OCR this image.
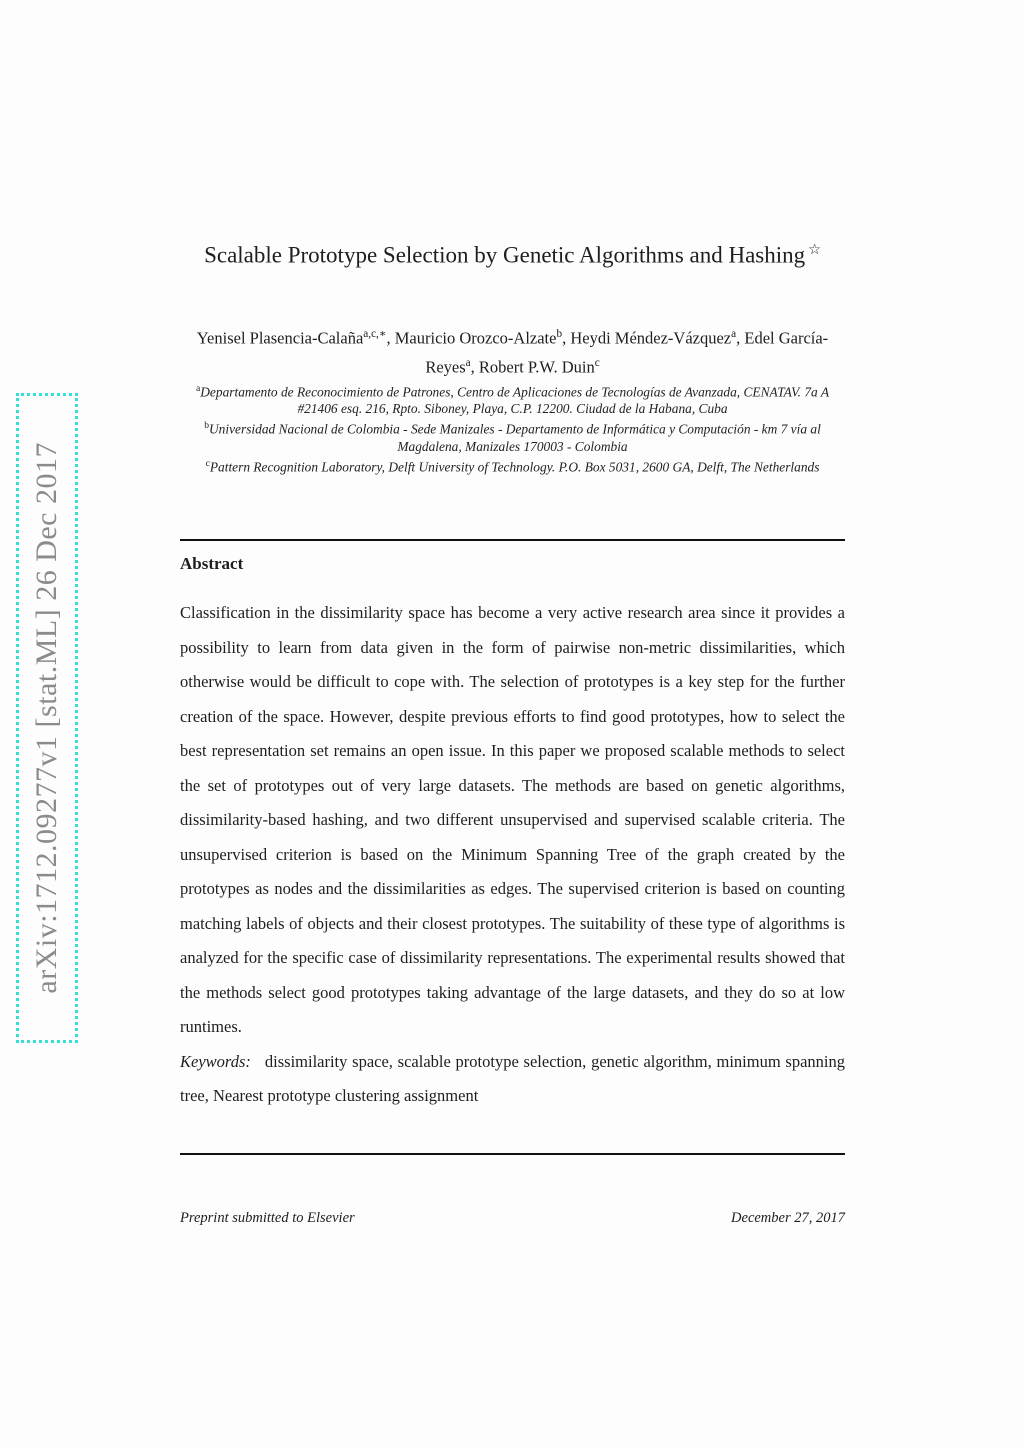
arXiv:1712.09277v1 [stat.ML] 26 Dec 2017
Scalable Prototype Selection by Genetic Algorithms and Hashing ☆
Yenisel Plasencia-Calaña$^{a,c,∗}$, Mauricio Orozco-Alzate$^b$, Heydi Méndez-Vázquez$^a$, Edel García-Reyes$^a$, Robert P.W. Duin$^c$
$^a$Departamento de Reconocimiento de Patrones, Centro de Aplicaciones de Tecnologías de Avanzada, CENATAV. 7a A #21406 esq. 216, Rpto. Siboney, Playa, C.P. 12200. Ciudad de la Habana, Cuba
$^b$Universidad Nacional de Colombia - Sede Manizales - Departamento de Informática y Computación - km 7 vía al Magdalena, Manizales 170003 - Colombia
$^c$Pattern Recognition Laboratory, Delft University of Technology. P.O. Box 5031, 2600 GA, Delft, The Netherlands
Abstract

Classification in the dissimilarity space has become a very active research area since it provides a possibility to learn from data given in the form of pairwise non-metric dissimilarities, which otherwise would be difficult to cope with. The selection of prototypes is a key step for the further creation of the space. However, despite previous efforts to find good prototypes, how to select the best representation set remains an open issue. In this paper we proposed scalable methods to select the set of prototypes out of very large datasets. The methods are based on genetic algorithms, dissimilarity-based hashing, and two different unsupervised and supervised scalable criteria. The unsupervised criterion is based on the Minimum Spanning Tree of the graph created by the prototypes as nodes and the dissimilarities as edges. The supervised criterion is based on counting matching labels of objects and their closest prototypes. The suitability of these type of algorithms is analyzed for the specific case of dissimilarity representations. The experimental results showed that the methods select good prototypes taking advantage of the large datasets, and they do so at low runtimes.

Keywords: dissimilarity space, scalable prototype selection, genetic algorithm, minimum spanning tree, Nearest prototype clustering assignment

Preprint submitted to Elsevier	December 27, 2017
